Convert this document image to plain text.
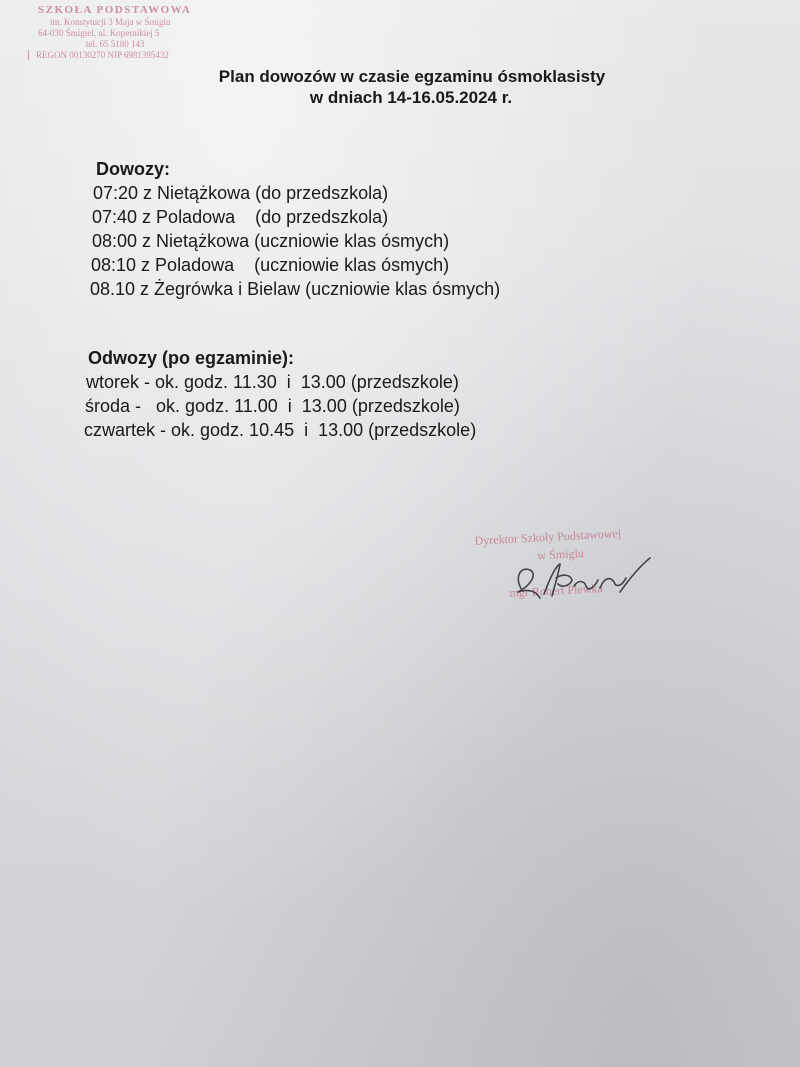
SZKOŁA PODSTAWOWA
im. Konstytucji 3 Maja w Śmiglu
64-030 Śmigiel, ul. Kopernikiej 5
tel. 65 5180 143
REGON 00130270 NIP 6981395432
Plan dowozów w czasie egzaminu ósmoklasisty
w dniach 14-16.05.2024 r.
Dowozy:
07:20 z Nietążkowa (do przedszkola)
07:40 z Poladowa    (do przedszkola)
08:00 z Nietążkowa (uczniowie klas ósmych)
08:10 z Poladowa    (uczniowie klas ósmych)
08.10 z Żegrówka i Bielaw (uczniowie klas ósmych)
Odwozy (po egzaminie):
wtorek - ok. godz. 11.30  i  13.00 (przedszkole)
środa -   ok. godz. 11.00  i  13.00 (przedszkole)
czwartek - ok. godz. 10.45  i  13.00 (przedszkole)
Dyrektor Szkoły Podstawowej
w Śmiglu
mgr Robert Plewka
